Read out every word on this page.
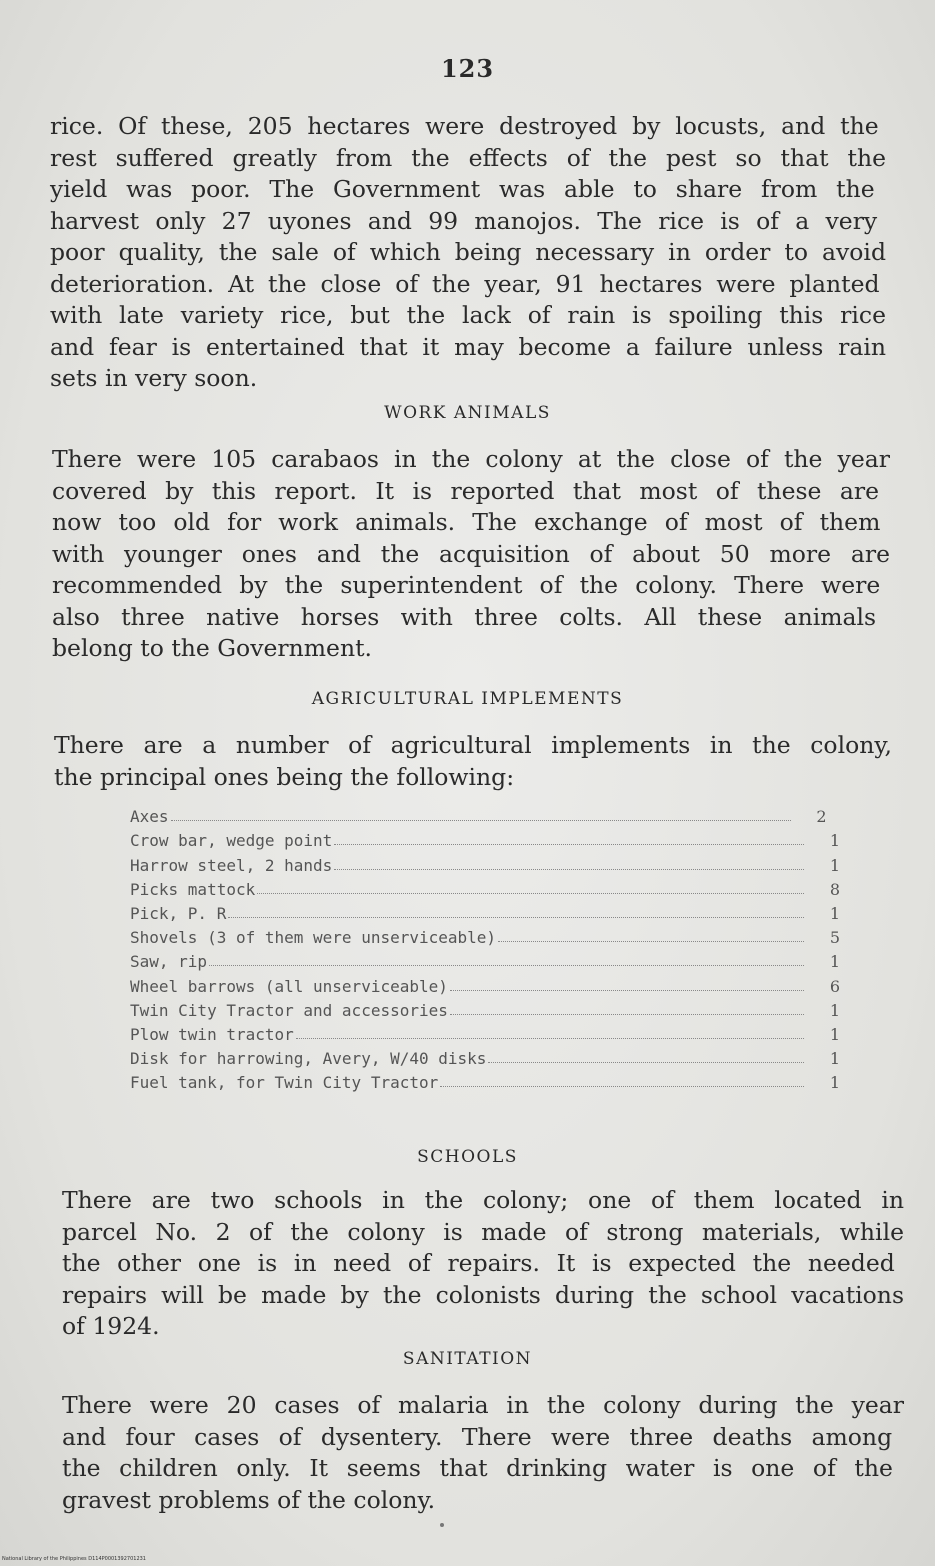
123
rice. Of these, 205 hectares were destroyed by locusts, and the
rest suffered greatly from the effects of the pest so that the
yield was poor. The Government was able to share from the
harvest only 27 uyones and 99 manojos. The rice is of a very
poor quality, the sale of which being necessary in order to avoid
deterioration. At the close of the year, 91 hectares were planted
with late variety rice, but the lack of rain is spoiling this rice
and fear is entertained that it may become a failure unless rain
sets in very soon.
WORK ANIMALS
There were 105 carabaos in the colony at the close of the year
covered by this report. It is reported that most of these are
now too old for work animals. The exchange of most of them
with younger ones and the acquisition of about 50 more are
recommended by the superintendent of the colony. There were
also three native horses with three colts. All these animals
belong to the Government.
AGRICULTURAL IMPLEMENTS
There are a number of agricultural implements in the colony,
the principal ones being the following:
Axes	2
Crow bar, wedge point	1
Harrow steel, 2 hands	1
Picks mattock	8
Pick, P. R	1
Shovels (3 of them were unserviceable)	5
Saw, rip	1
Wheel barrows (all unserviceable)	6
Twin City Tractor and accessories	1
Plow twin tractor	1
Disk for harrowing, Avery, W/40 disks	1
Fuel tank, for Twin City Tractor	1
SCHOOLS
There are two schools in the colony; one of them located in
parcel No. 2 of the colony is made of strong materials, while
the other one is in need of repairs. It is expected the needed
repairs will be made by the colonists during the school vacations
of 1924.
SANITATION
There were 20 cases of malaria in the colony during the year
and four cases of dysentery. There were three deaths among
the children only. It seems that drinking water is one of the
gravest problems of the colony.
National Library of the Philippines D114P0001392701231
